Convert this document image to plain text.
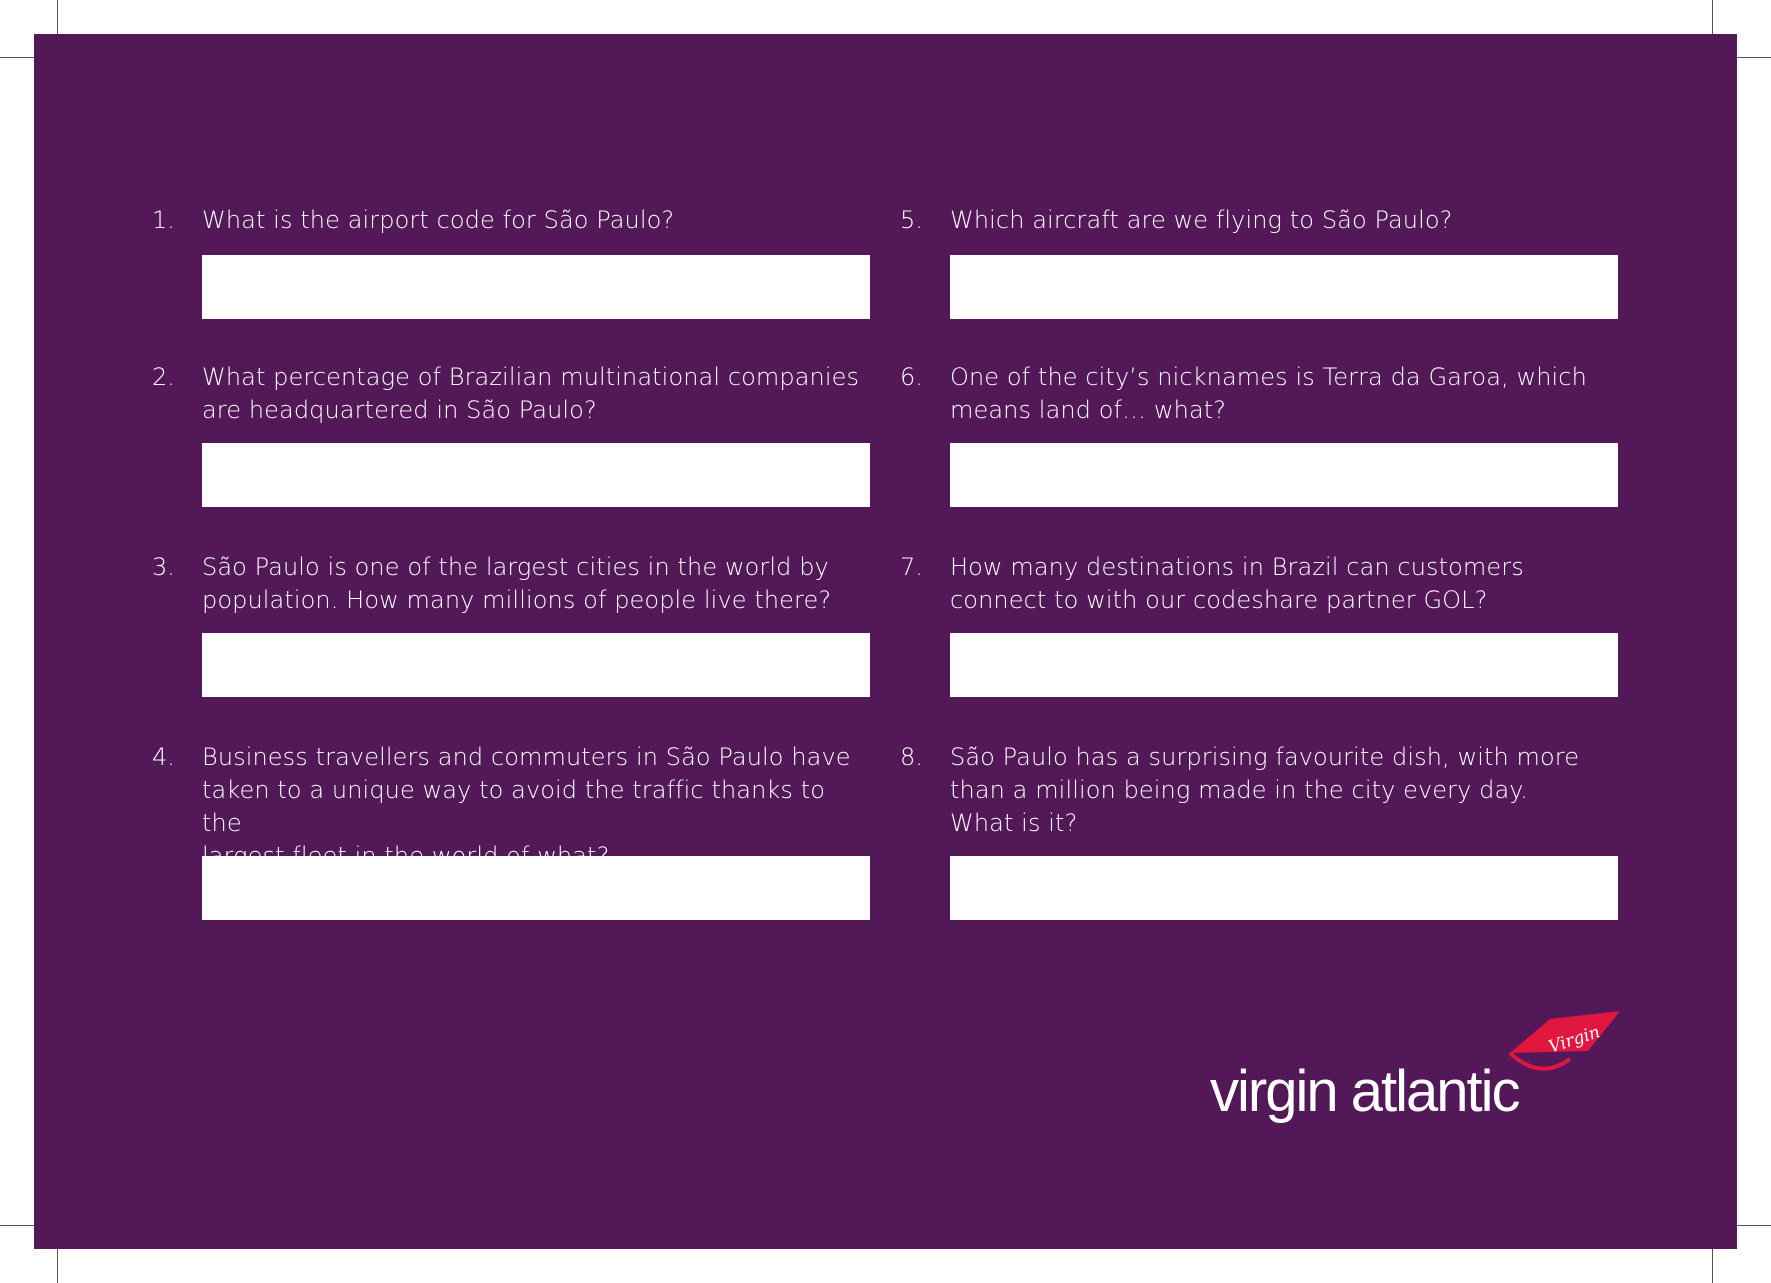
1. What is the airport code for São Paulo?
2. What percentage of Brazilian multinational companies
are headquartered in São Paulo?
3. São Paulo is one of the largest cities in the world by
population. How many millions of people live there?
4. Business travellers and commuters in São Paulo have
taken to a unique way to avoid the traffic thanks to the

5. Which aircraft are we flying to São Paulo?
6. One of the city’s nicknames is Terra da Garoa, which
means land of… what?
7. How many destinations in Brazil can customers
connect to with our codeshare partner GOL?
8. São Paulo has a surprising favourite dish, with more
than a million being made in the city every day.
What is it?
virgin atlantic
Virgin
